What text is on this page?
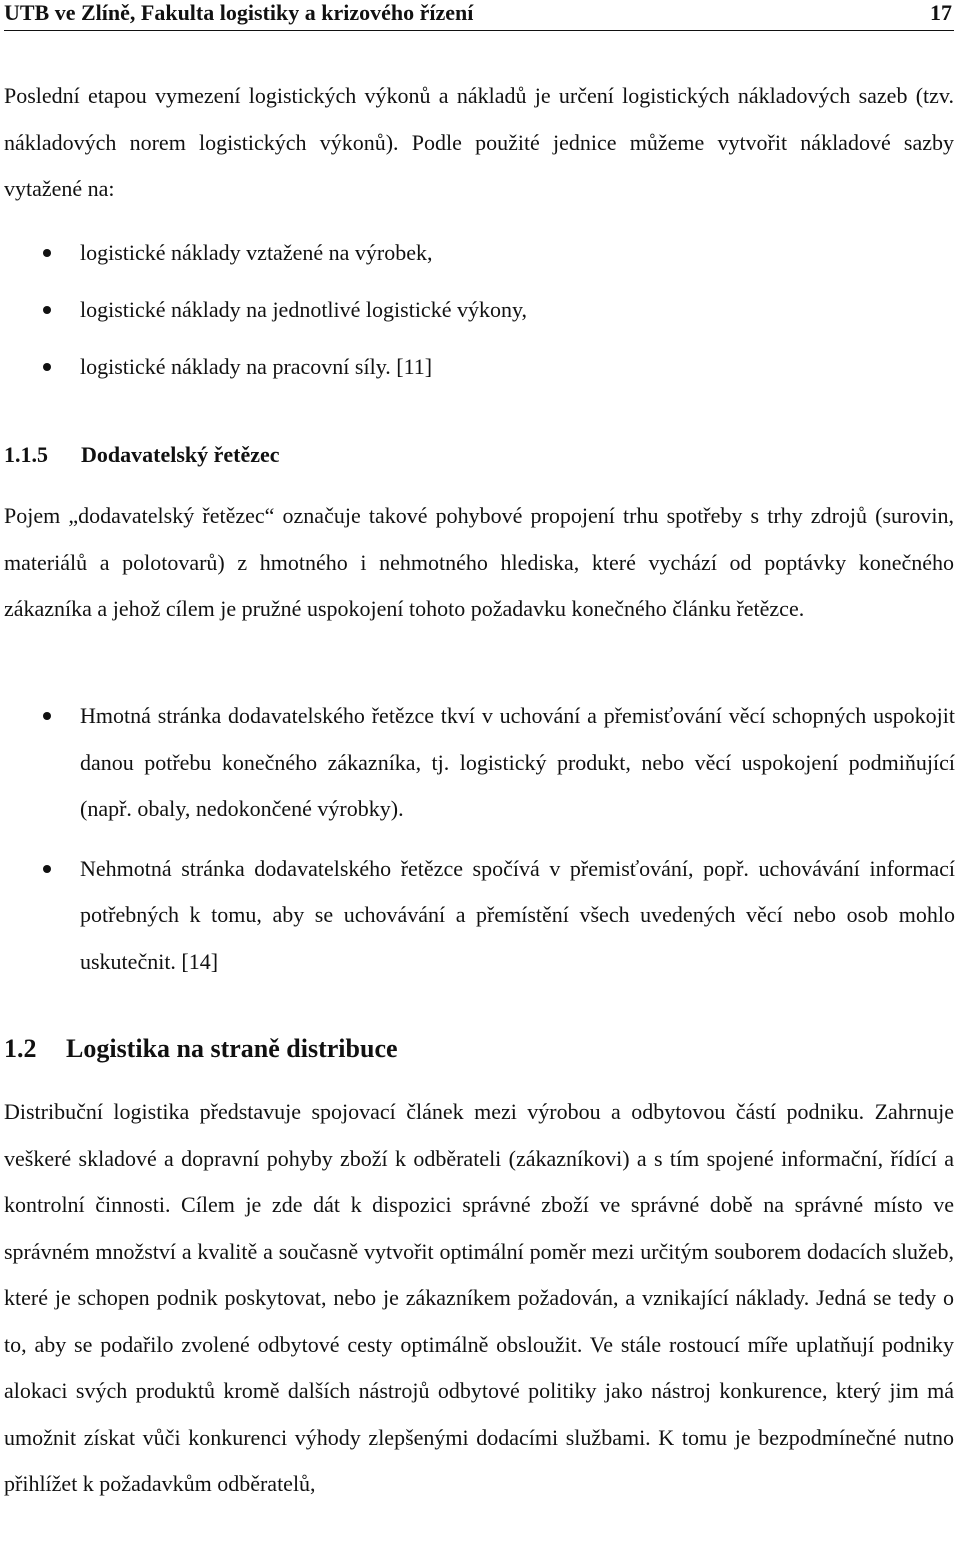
UTB ve Zlíně, Fakulta logistiky a krizového řízení	17

Poslední etapou vymezení logistických výkonů a nákladů je určení logistických nákladových sazeb (tzv. nákladových norem logistických výkonů). Podle použité jednice můžeme vytvořit nákladové sazby vytažené na:

logistické náklady vztažené na výrobek,
logistické náklady na jednotlivé logistické výkony,
logistické náklady na pracovní síly. [11]
1.1.5 Dodavatelský řetězec

Pojem „dodavatelský řetězec“ označuje takové pohybové propojení trhu spotřeby s trhy zdrojů (surovin, materiálů a polotovarů) z hmotného i nehmotného hlediska, které vychází od poptávky konečného zákazníka a jehož cílem je pružné uspokojení tohoto požadavku konečného článku řetězce.

Hmotná stránka dodavatelského řetězce tkví v uchování a přemisťování věcí schopných uspokojit danou potřebu konečného zákazníka, tj. logistický produkt, nebo věcí uspokojení podmiňující (např. obaly, nedokončené výrobky).
Nehmotná stránka dodavatelského řetězce spočívá v přemisťování, popř. uchovávání informací potřebných k tomu, aby se uchovávání a přemístění všech uvedených věcí nebo osob mohlo uskutečnit. [14]
1.2 Logistika na straně distribuce

Distribuční logistika představuje spojovací článek mezi výrobou a odbytovou částí podniku. Zahrnuje veškeré skladové a dopravní pohyby zboží k odběrateli (zákazníkovi) a s tím spojené informační, řídící a kontrolní činnosti. Cílem je zde dát k dispozici správné zboží ve správné době na správné místo ve správném množství a kvalitě a současně vytvořit optimální poměr mezi určitým souborem dodacích služeb, které je schopen podnik poskytovat, nebo je zákazníkem požadován, a vznikající náklady. Jedná se tedy o to, aby se podařilo zvolené odbytové cesty optimálně obsloužit. Ve stále rostoucí míře uplatňují podniky alokaci svých produktů kromě dalších nástrojů odbytové politiky jako nástroj konkurence, který jim má umožnit získat vůči konkurenci výhody zlepšenými dodacími službami. K tomu je bezpodmínečné nutno přihlížet k požadavkům odběratelů,
